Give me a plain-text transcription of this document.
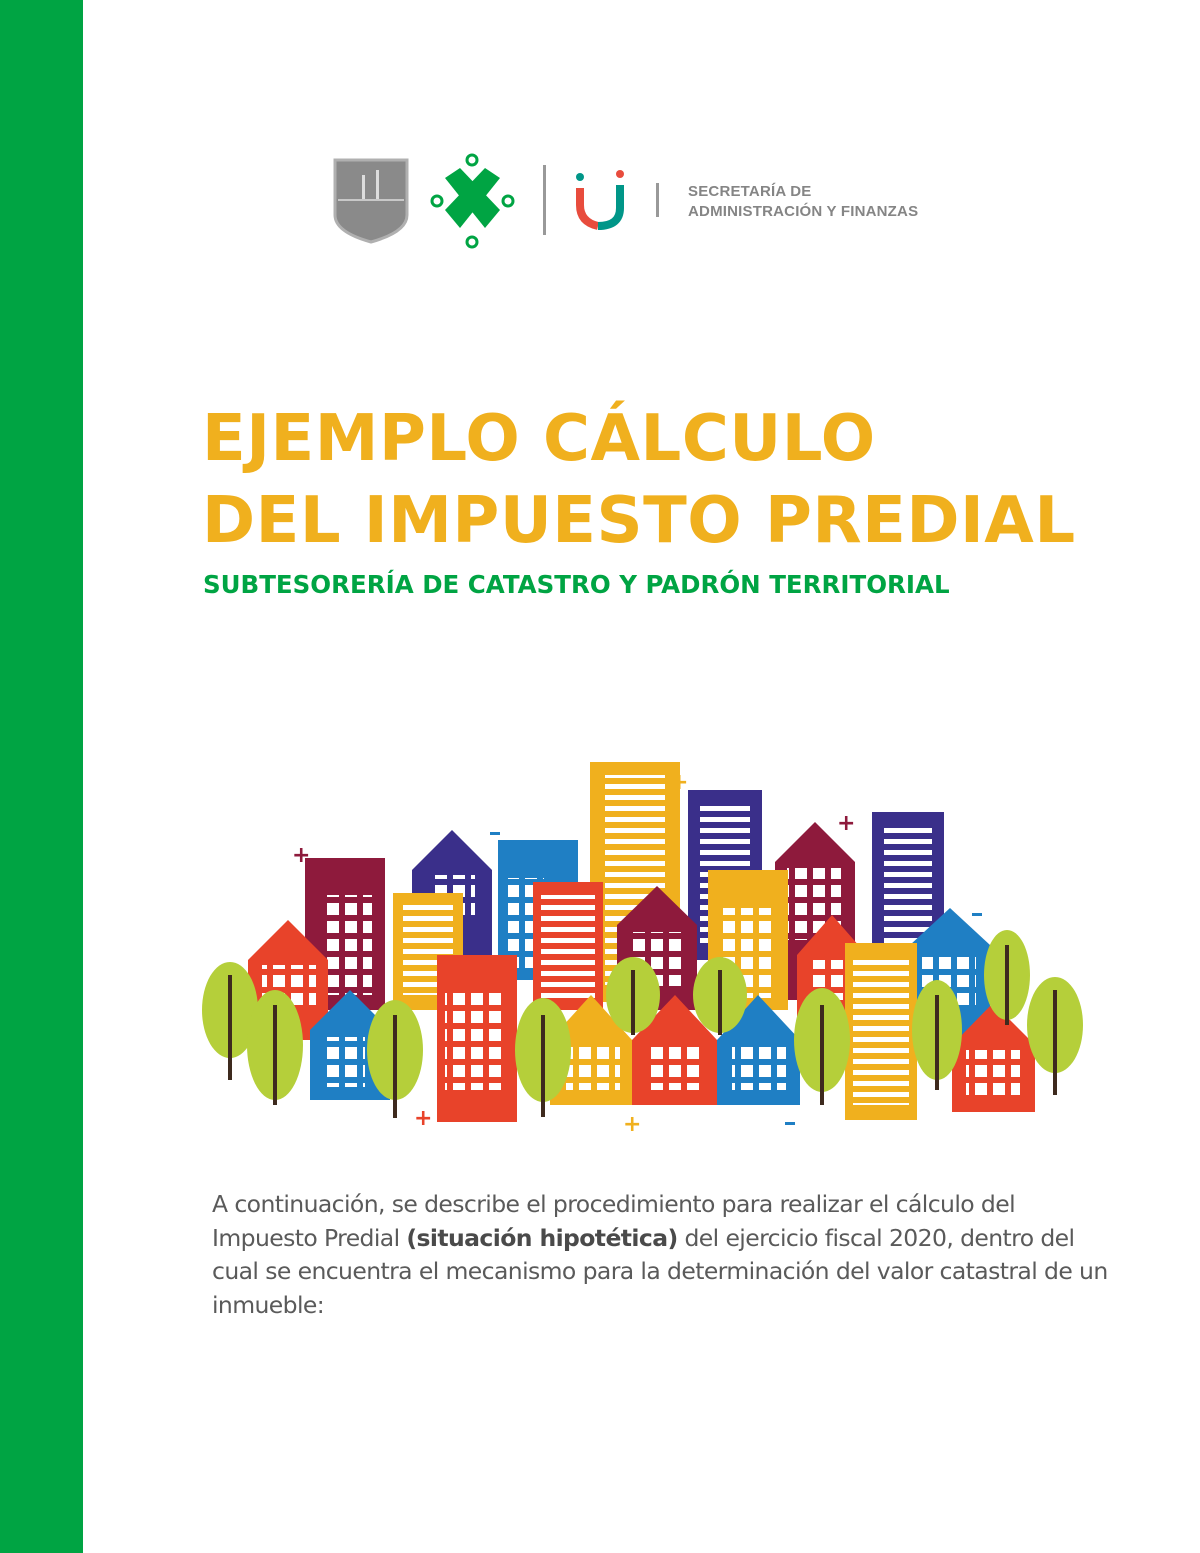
SECRETARÍA DE
ADMINISTRACIÓN Y FINANZAS
EJEMPLO CÁLCULO
DEL IMPUESTO PREDIAL
SUBTESORERÍA DE CATASTRO Y PADRÓN TERRITORIAL
+
+
+
+	+

A continuación, se describe el procedimiento para realizar el cálculo del Impuesto Predial (situación hipotética) del ejercicio fiscal 2020, dentro del cual se encuentra el mecanismo para la determinación del valor catastral de un inmueble:
